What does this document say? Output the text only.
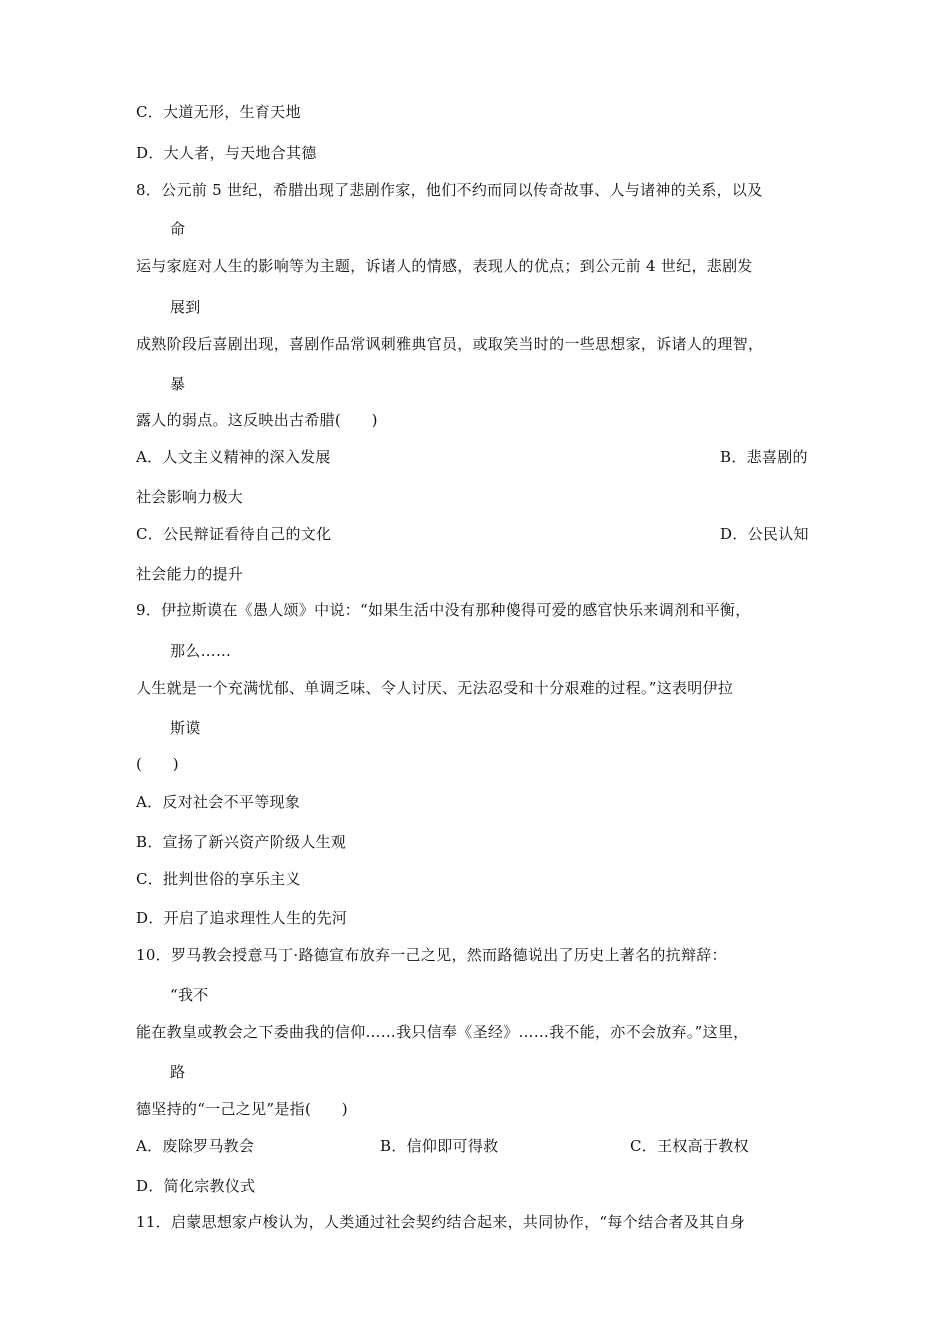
C．大道无形，生育天地
D．大人者，与天地合其德
8．公元前 5 世纪，希腊出现了悲剧作家，他们不约而同以传奇故事、人与诸神的关系，以及
命
运与家庭对人生的影响等为主题，诉诸人的情感，表现人的优点；到公元前 4 世纪，悲剧发
展到
成熟阶段后喜剧出现，喜剧作品常讽刺雅典官员，或取笑当时的一些思想家，诉诸人的理智，
暴
露人的弱点。这反映出古希腊(　　)
A．人文主义精神的深入发展	B．悲喜剧的
社会影响力极大
C．公民辩证看待自己的文化	D．公民认知
社会能力的提升
9．伊拉斯谟在《愚人颂》中说：“如果生活中没有那种傻得可爱的感官快乐来调剂和平衡，
那么……
人生就是一个充满忧郁、单调乏味、令人讨厌、无法忍受和十分艰难的过程。”这表明伊拉
斯谟
(　　)
A．反对社会不平等现象
B．宣扬了新兴资产阶级人生观
C．批判世俗的享乐主义
D．开启了追求理性人生的先河
10．罗马教会授意马丁·路德宣布放弃一己之见，然而路德说出了历史上著名的抗辩辞：
“我不
能在教皇或教会之下委曲我的信仰……我只信奉《圣经》……我不能，亦不会放弃。”这里，
路
德坚持的“一己之见”是指(　　)
A．废除罗马教会	B．信仰即可得救	C．王权高于教权
D．简化宗教仪式
11．启蒙思想家卢梭认为，人类通过社会契约结合起来，共同协作，“每个结合者及其自身
